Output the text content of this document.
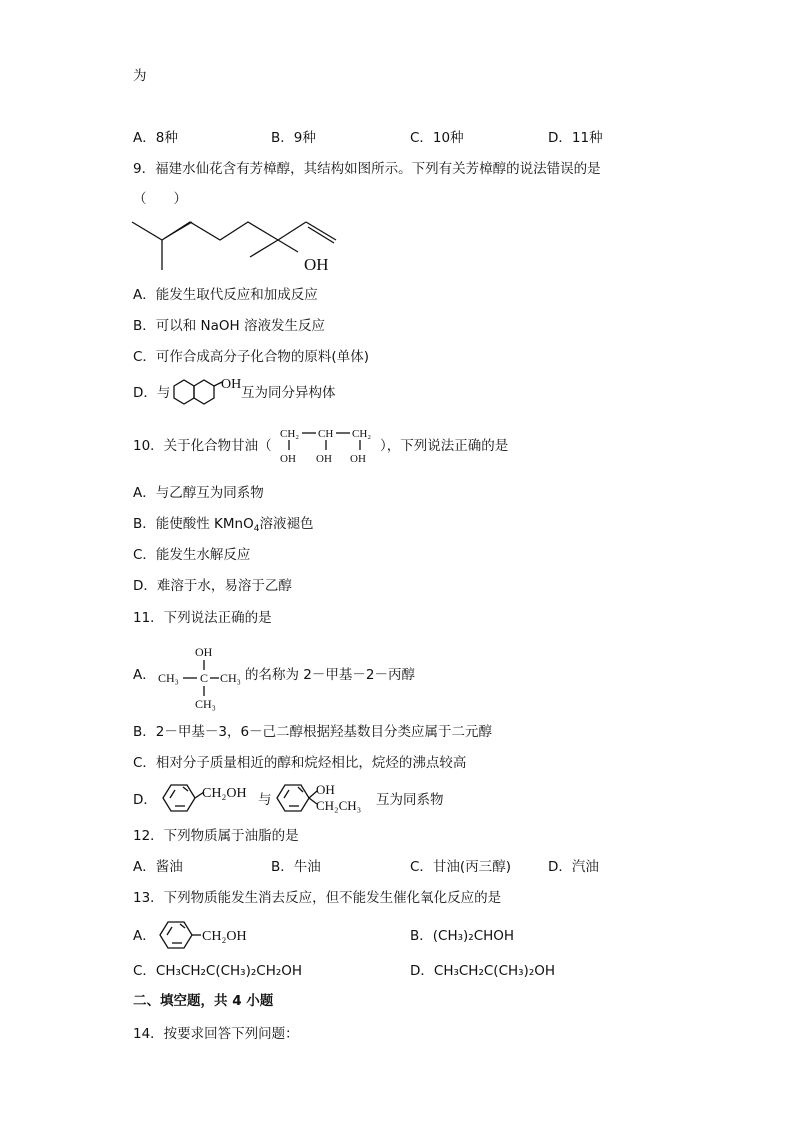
为
A．8种	B．9种	C．10种	D．11种
9．福建水仙花含有芳樟醇，其结构如图所示。下列有关芳樟醇的说法错误的是
（　　）
OH
A．能发生取代反应和加成反应
B．可以和 NaOH 溶液发生反应
C．可作合成高分子化合物的原料(单体)
D．与
OH
互为同分异构体
10．关于化合物甘油（
CH₂ CH CH₂
OH OH OH
），下列说法正确的是
A．与乙醇互为同系物
B．能使酸性 KMnO$_4$溶液褪色
C．能发生水解反应
D．难溶于水，易溶于乙醇
11．下列说法正确的是
A．
OH
CH₃ C CH₃
CH₃
的名称为 2－甲基－2－丙醇
B．2－甲基－3，6－己二醇根据羟基数目分类应属于二元醇
C．相对分子质量相近的醇和烷烃相比，烷烃的沸点较高
D．	CH₂OH 与
OH
CH₂CH₃ 互为同系物
12．下列物质属于油脂的是
A．酱油	B．牛油	C．甘油(丙三醇)	D．汽油
13．下列物质能发生消去反应，但不能发生催化氧化反应的是
A．	CH₂OH	B．(CH₃)₂CHOH
C．CH₃CH₂C(CH₃)₂CH₂OH	D．CH₃CH₂C(CH₃)₂OH
二、填空题，共 4 小题
14．按要求回答下列问题：
